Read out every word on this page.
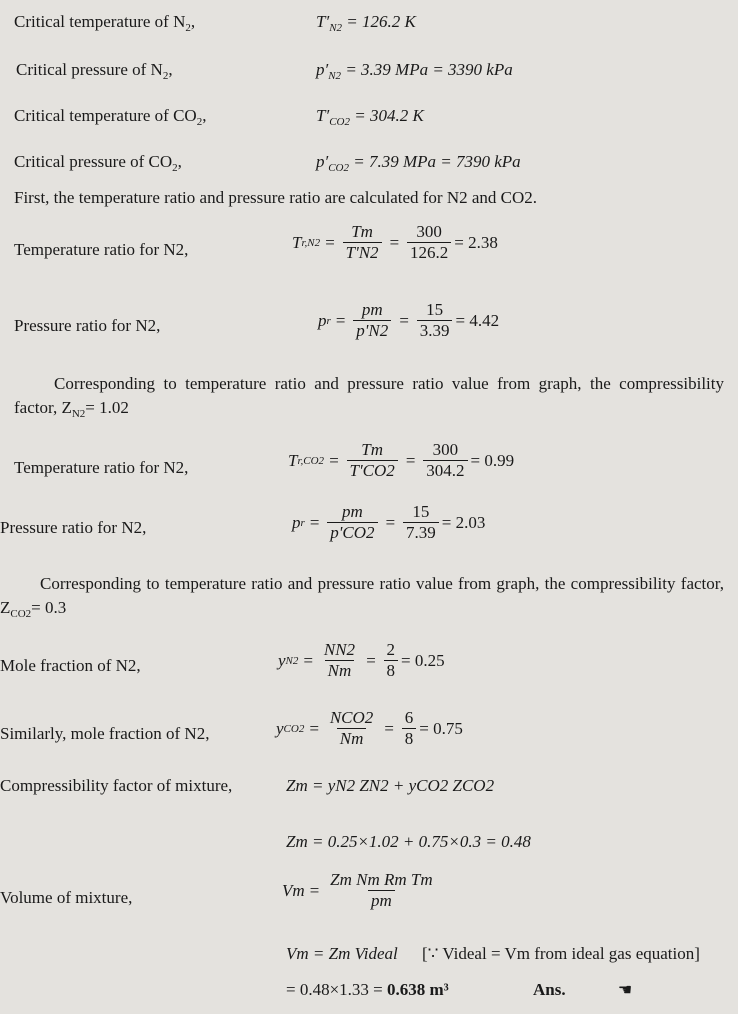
Critical temperature of $N_2$,	$T'_{N2} = 126.2$ K
Critical pressure of $N_2$,	$p'_{N2} = 3.39$ MPa = 3390 kPa
Critical temperature of $CO_2$,	$T'_{CO2} = 304.2$ K
Critical pressure of $CO_2$,	$p'_{CO2} = 7.39$ MPa = 7390 kPa
First, the temperature ratio and pressure ratio are calculated for N2 and CO2.
Temperature ratio for N2,	T $r,N2 = \frac{Tm}{T'N2} = \frac{300}{126.2} = 2.38$
Pressure ratio for N2,	p $r = \frac{pm}{p'N2} = \frac{15}{3.39} = 4.42$
Corresponding to temperature ratio and pressure ratio value from graph, the compressibility factor, $Z_{N2}= 1.02$
Temperature ratio for N2,	T $r,CO2 = \frac{Tm}{T'CO2} = \frac{300}{304.2} = 0.99$
Pressure ratio for N2,	p $r = \frac{pm}{p'CO2} = \frac{15}{7.39} = 2.03$
Corresponding to temperature ratio and pressure ratio value from graph, the compressibility factor, $Z_{CO2}= 0.3$
Mole fraction of N2,	y $N2 = \frac{NN2}{Nm} = \frac{2}{8} = 0.25$
Similarly, mole fraction of N2,	y $CO2 = \frac{\text{NCO2}}{Nm} = \frac{6}{8} = 0.75$
Compressibility factor of mixture,	Zm = yN2 ZN2 + yCO2 ZCO2
Zm = 0.25×1.02 + 0.75×0.3 = 0.48
Volume of mixture,	$Vm = \frac{\text{Zm Nm Rm Tm}}{pm}$
Vm = Zm Videal [∵ Videal = Vm from ideal gas equation]
= 0.48×1.33 = 0.638 m³	Ans.	☚
